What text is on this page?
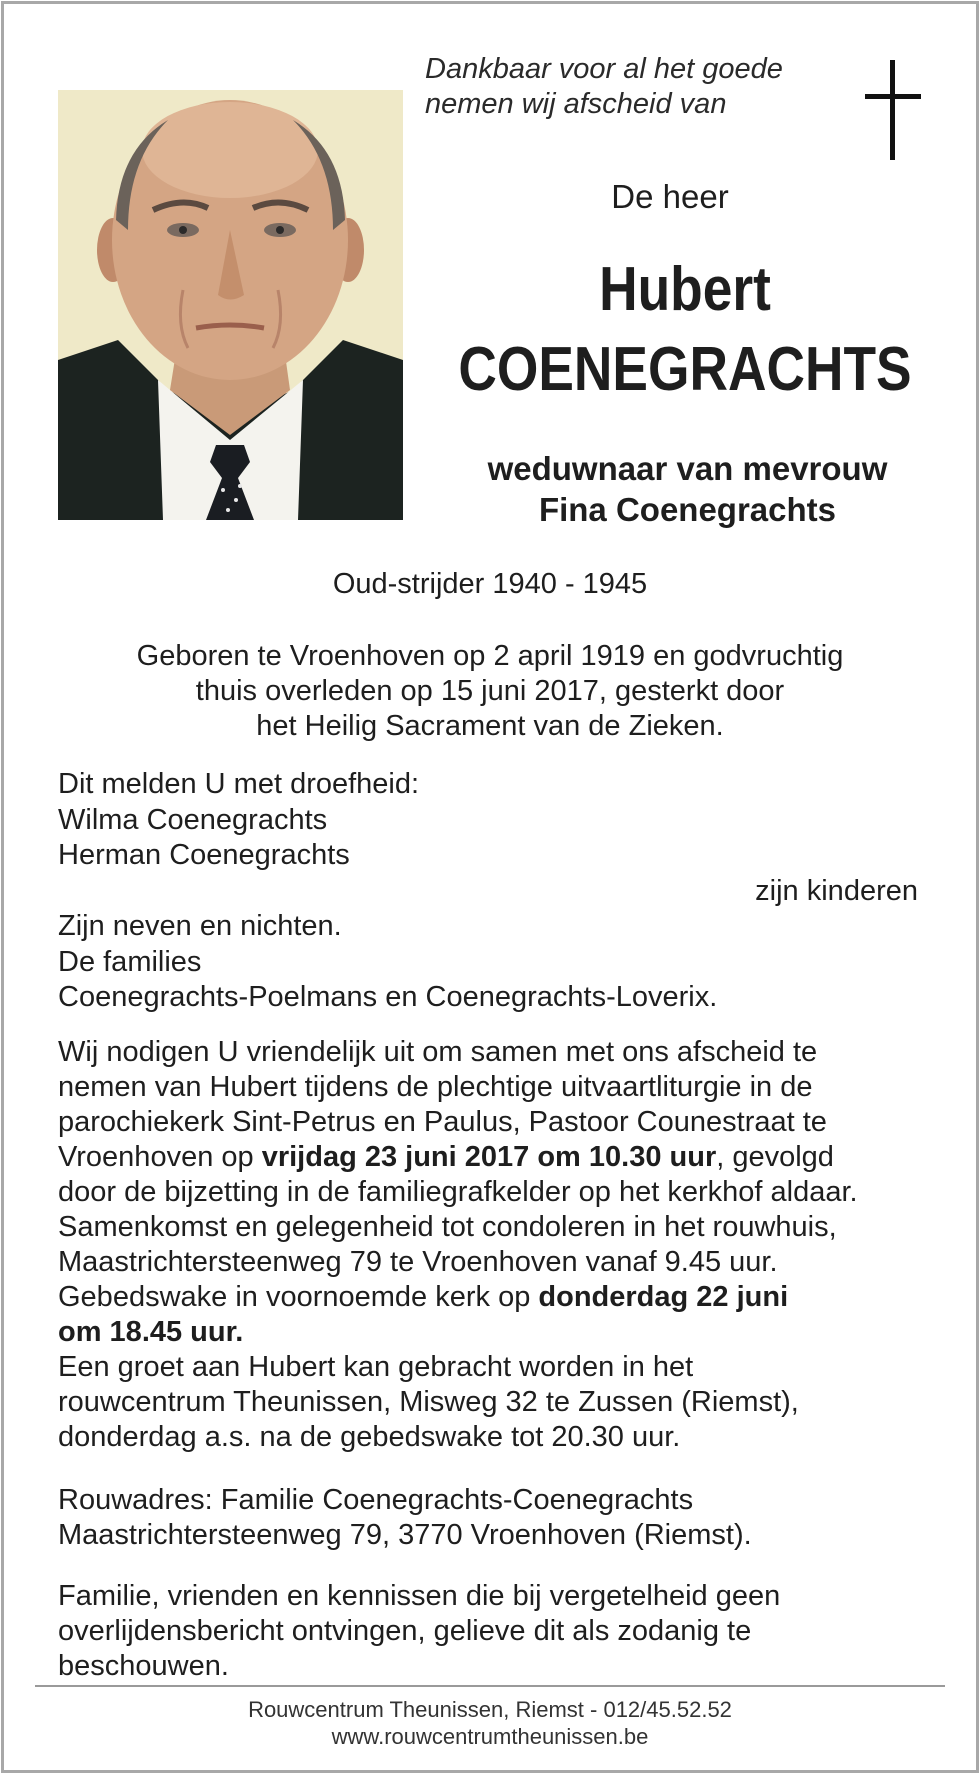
Dankbaar voor al het goede
nemen wij afscheid van
De heer
Hubert
COENEGRACHTS
weduwnaar van mevrouw
Fina Coenegrachts
Oud-strijder 1940 - 1945
Geboren te Vroenhoven op 2 april 1919 en godvruchtig
thuis overleden op 15 juni 2017, gesterkt door
het Heilig Sacrament van de Zieken.
Dit melden U met droefheid:
Wilma Coenegrachts
Herman Coenegrachts
zijn kinderen
Zijn neven en nichten.
De families
Coenegrachts-Poelmans en Coenegrachts-Loverix.
Wij nodigen U vriendelijk uit om samen met ons afscheid te
nemen van Hubert tijdens de plechtige uitvaartliturgie in de
parochiekerk Sint-Petrus en Paulus, Pastoor Counestraat te
Vroenhoven op vrijdag 23 juni 2017 om 10.30 uur, gevolgd
door de bijzetting in de familiegrafkelder op het kerkhof aldaar.
Samenkomst en gelegenheid tot condoleren in het rouwhuis,
Maastrichtersteenweg 79 te Vroenhoven vanaf 9.45 uur.
Gebedswake in voornoemde kerk op donderdag 22 juni
om 18.45 uur.
Een groet aan Hubert kan gebracht worden in het
rouwcentrum Theunissen, Misweg 32 te Zussen (Riemst),
donderdag a.s. na de gebedswake tot 20.30 uur.
Rouwadres: Familie Coenegrachts-Coenegrachts
Maastrichtersteenweg 79, 3770 Vroenhoven (Riemst).
Familie, vrienden en kennissen die bij vergetelheid geen
overlijdensbericht ontvingen, gelieve dit als zodanig te
beschouwen.
Rouwcentrum Theunissen, Riemst - 012/45.52.52
www.rouwcentrumtheunissen.be
